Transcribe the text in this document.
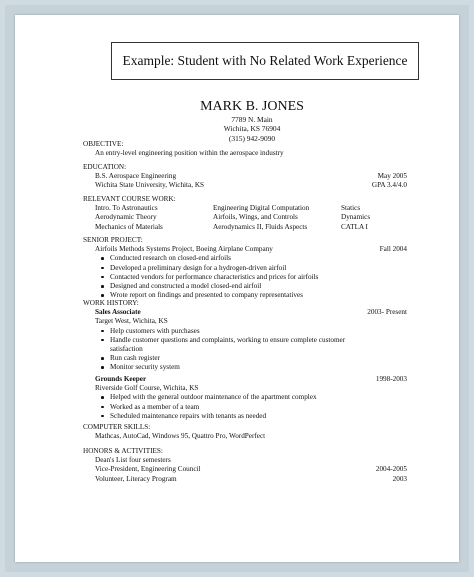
Example: Student with No Related Work Experience
MARK B. JONES
7789 N. Main
Wichita, KS 76904
(315) 942-9090
OBJECTIVE:
An entry-level engineering position within the aerospace industry
EDUCATION:
B.S. Aerospace Engineering	May 2005
Wichita State University, Wichita, KS	GPA 3.4/4.0
RELEVANT COURSE WORK:
Intro. To Astronautics	Engineering Digital Computation	Statics
Aerodynamic Theory	Airfoils, Wings, and Controls	Dynamics
Mechanics of Materials	Aerodynamics II, Fluids Aspects	CATLA I
SENIOR PROJECT:
Airfoils Methods Systems Project, Boeing Airplane Company	Fall 2004
Conducted research on closed-end airfoils
Developed a preliminary design for a hydrogen-driven airfoil
Contacted vendors for performance characteristics and prices for airfoils
Designed and constructed a model closed-end airfoil
Wrote report on findings and presented to company representatives
WORK HISTORY:
Sales Associate	2003- Present
Target West, Wichita, KS
Help customers with purchases
Handle customer questions and complaints, working to ensure complete customer
satisfaction
Run cash register
Monitor security system
Grounds Keeper	1998-2003
Riverside Golf Course, Wichita, KS
Helped with the general outdoor maintenance of the apartment complex
Worked as a member of a team
Scheduled maintenance repairs with tenants as needed
COMPUTER SKILLS:
Mathcas, AutoCad, Windows 95, Quattro Pro, WordPerfect
HONORS & ACTIVITIES:
Dean's List four semesters
Vice-President, Engineering Council	2004-2005
Volunteer, Literacy Program	2003
